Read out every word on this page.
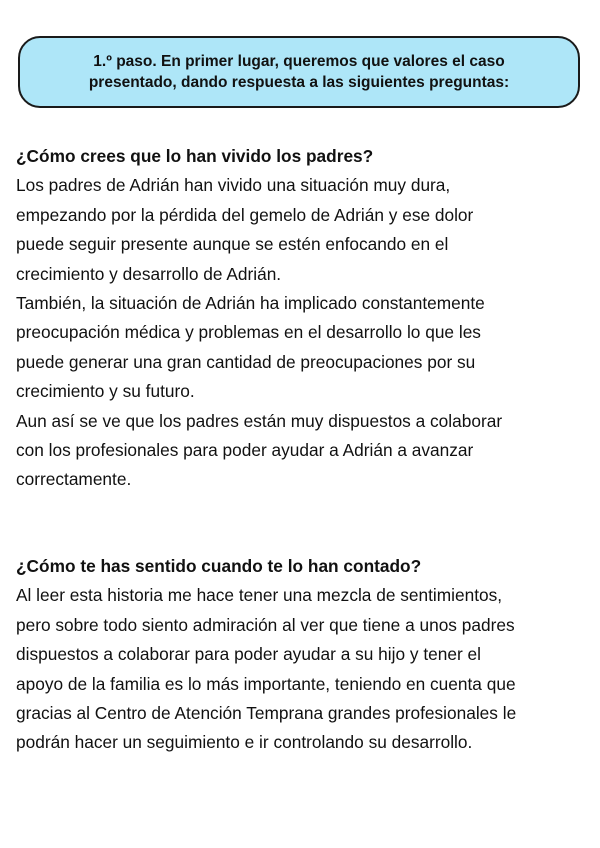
1.º paso. En primer lugar, queremos que valores el caso
presentado, dando respuesta a las siguientes preguntas:

¿Cómo crees que lo han vivido los padres?

Los padres de Adrián han vivido una situación muy dura,

empezando por la pérdida del gemelo de Adrián y ese dolor

puede seguir presente aunque se estén enfocando en el

crecimiento y desarrollo de Adrián.

También, la situación de Adrián ha implicado constantemente

preocupación médica y problemas en el desarrollo lo que les

puede generar una gran cantidad de preocupaciones por su

crecimiento y su futuro.

Aun así se ve que los padres están muy dispuestos a colaborar

con los profesionales para poder ayudar a Adrián a avanzar

correctamente.

¿Cómo te has sentido cuando te lo han contado?

Al leer esta historia me hace tener una mezcla de sentimientos,

pero sobre todo siento admiración al ver que tiene a unos padres

dispuestos a colaborar para poder ayudar a su hijo y tener el

apoyo de la familia es lo más importante, teniendo en cuenta que

gracias al Centro de Atención Temprana grandes profesionales le

podrán hacer un seguimiento e ir controlando su desarrollo.
